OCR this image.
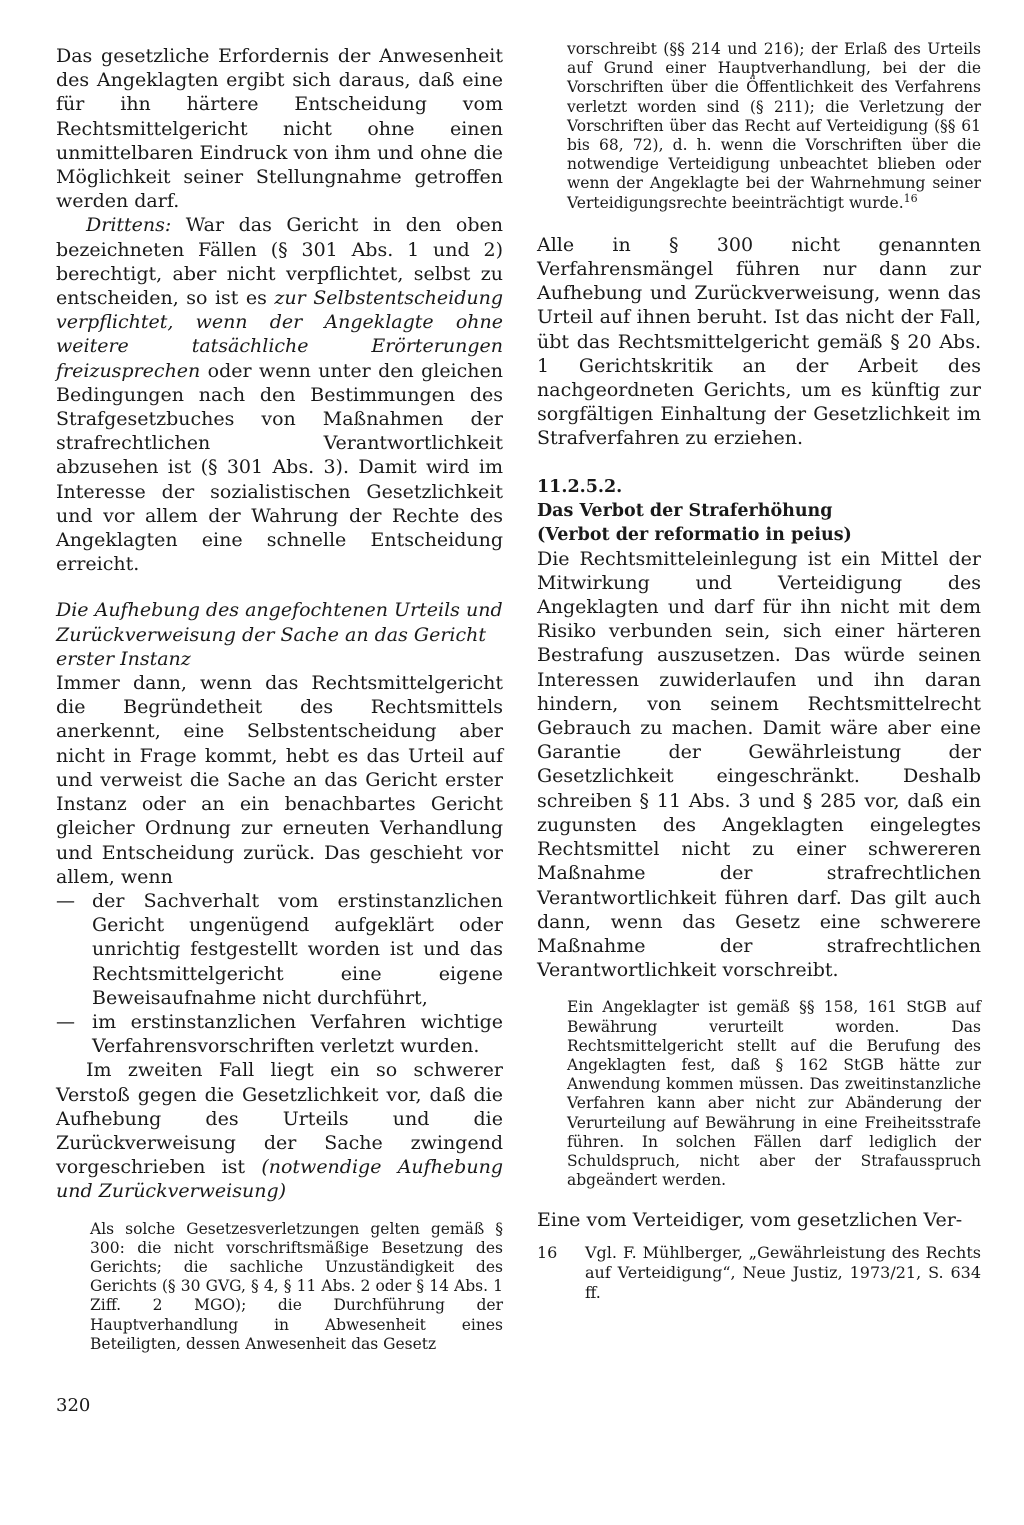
Das gesetzliche Erfordernis der Anwesenheit des Angeklagten ergibt sich daraus, daß eine für ihn härtere Entscheidung vom Rechtsmittelgericht nicht ohne einen unmittelbaren Eindruck von ihm und ohne die Möglichkeit seiner Stellungnahme getroffen werden darf.

Drittens: War das Gericht in den oben bezeichneten Fällen (§ 301 Abs. 1 und 2) berechtigt, aber nicht verpflichtet, selbst zu entscheiden, so ist es zur Selbstentscheidung verpflichtet, wenn der Angeklagte ohne weitere tatsächliche Erörterungen freizusprechen oder wenn unter den gleichen Bedingungen nach den Bestimmungen des Strafgesetzbuches von Maßnahmen der strafrechtlichen Verantwortlichkeit abzusehen ist (§ 301 Abs. 3). Damit wird im Interesse der sozialistischen Gesetzlichkeit und vor allem der Wahrung der Rechte des Angeklagten eine schnelle Entscheidung erreicht.

Die Aufhebung des angefochtenen Urteils und Zurückverweisung der Sache an das Gericht erster Instanz

Immer dann, wenn das Rechtsmittelgericht die Begründetheit des Rechtsmittels anerkennt, eine Selbstentscheidung aber nicht in Frage kommt, hebt es das Urteil auf und verweist die Sache an das Gericht erster Instanz oder an ein benachbartes Gericht gleicher Ordnung zur erneuten Verhandlung und Entscheidung zurück. Das geschieht vor allem, wenn

— der Sachverhalt vom erstinstanzlichen Gericht ungenügend aufgeklärt oder unrichtig festgestellt worden ist und das Rechtsmittelgericht eine eigene Beweisaufnahme nicht durchführt,
— im erstinstanzlichen Verfahren wichtige Verfahrensvorschriften verletzt wurden.

Im zweiten Fall liegt ein so schwerer Verstoß gegen die Gesetzlichkeit vor, daß die Aufhebung des Urteils und die Zurückverweisung der Sache zwingend vorgeschrieben ist (notwendige Aufhebung und Zurückverweisung)

Als solche Gesetzesverletzungen gelten gemäß § 300: die nicht vorschriftsmäßige Besetzung des Gerichts; die sachliche Unzuständigkeit des Gerichts (§ 30 GVG, § 4, § 11 Abs. 2 oder § 14 Abs. 1 Ziff. 2 MGO); die Durchführung der Hauptverhandlung in Abwesenheit eines Beteiligten, dessen Anwesenheit das Gesetz

vorschreibt (§§ 214 und 216); der Erlaß des Urteils auf Grund einer Hauptverhandlung, bei der die Vorschriften über die Öffentlichkeit des Verfahrens verletzt worden sind (§ 211); die Verletzung der Vorschriften über das Recht auf Verteidigung (§§ 61 bis 68, 72), d. h. wenn die Vorschriften über die notwendige Verteidigung unbeachtet blieben oder wenn der Angeklagte bei der Wahrnehmung seiner Verteidigungsrechte beeinträchtigt wurde.$^{16}$

Alle in § 300 nicht genannten Verfahrensmängel führen nur dann zur Aufhebung und Zurückverweisung, wenn das Urteil auf ihnen beruht. Ist das nicht der Fall, übt das Rechtsmittelgericht gemäß § 20 Abs. 1 Gerichtskritik an der Arbeit des nachgeordneten Gerichts, um es künftig zur sorgfältigen Einhaltung der Gesetzlichkeit im Strafverfahren zu erziehen.

11.2.5.2.
Das Verbot der Straferhöhung
(Verbot der reformatio in peius)

Die Rechtsmitteleinlegung ist ein Mittel der Mitwirkung und Verteidigung des Angeklagten und darf für ihn nicht mit dem Risiko verbunden sein, sich einer härteren Bestrafung auszusetzen. Das würde seinen Interessen zuwiderlaufen und ihn daran hindern, von seinem Rechtsmittelrecht Gebrauch zu machen. Damit wäre aber eine Garantie der Gewährleistung der Gesetzlichkeit eingeschränkt. Deshalb schreiben § 11 Abs. 3 und § 285 vor, daß ein zugunsten des Angeklagten eingelegtes Rechtsmittel nicht zu einer schwereren Maßnahme der strafrechtlichen Verantwortlichkeit führen darf. Das gilt auch dann, wenn das Gesetz eine schwerere Maßnahme der strafrechtlichen Verantwortlichkeit vorschreibt.

Ein Angeklagter ist gemäß §§ 158, 161 StGB auf Bewährung verurteilt worden. Das Rechtsmittelgericht stellt auf die Berufung des Angeklagten fest, daß § 162 StGB hätte zur Anwendung kommen müssen. Das zweitinstanzliche Verfahren kann aber nicht zur Abänderung der Verurteilung auf Bewährung in eine Freiheitsstrafe führen. In solchen Fällen darf lediglich der Schuldspruch, nicht aber der Strafausspruch abgeändert werden.

Eine vom Verteidiger, vom gesetzlichen Ver-

16 Vgl. F. Mühlberger, „Gewährleistung des Rechts auf Verteidigung“, Neue Justiz, 1973/21, S. 634 ff.
320
